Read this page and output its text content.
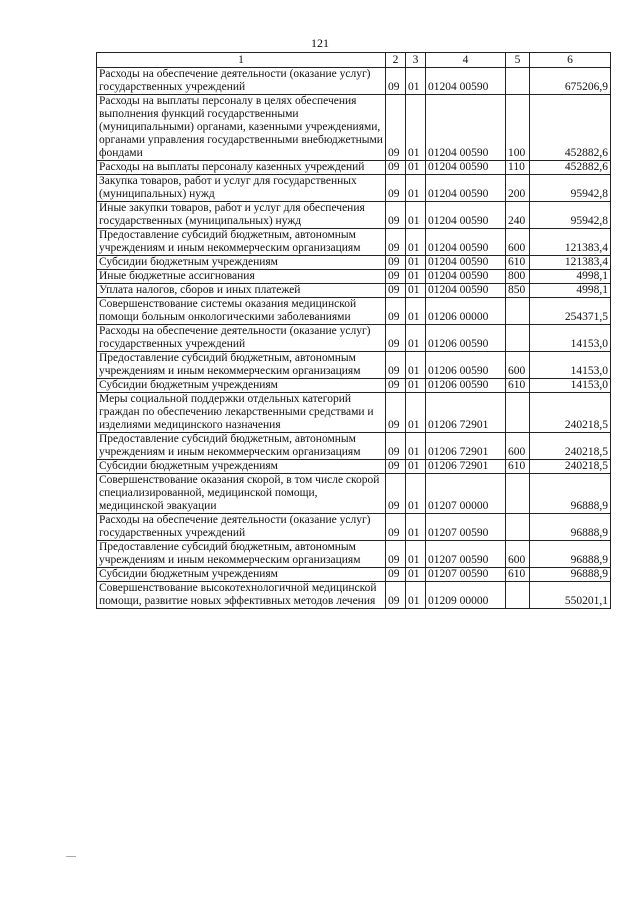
121
1	2	3	4	5	6
Расходы на обеспечение деятельности (оказание услуг) государственных учреждений	09	01	01204 00590		675206,9
Расходы на выплаты персоналу в целях обеспечения выполнения функций государственными (муниципальными) органами, казенными учреждениями, органами управления государственными внебюджетными фондами	09	01	01204 00590	100	452882,6
Расходы на выплаты персоналу казенных учреждений	09	01	01204 00590	110	452882,6
Закупка товаров, работ и услуг для государственных (муниципальных) нужд	09	01	01204 00590	200	95942,8
Иные закупки товаров, работ и услуг для обеспечения государственных (муниципальных) нужд	09	01	01204 00590	240	95942,8
Предоставление субсидий бюджетным, автономным учреждениям и иным некоммерческим организациям	09	01	01204 00590	600	121383,4
Субсидии бюджетным учреждениям	09	01	01204 00590	610	121383,4
Иные бюджетные ассигнования	09	01	01204 00590	800	4998,1
Уплата налогов, сборов и иных платежей	09	01	01204 00590	850	4998,1
Совершенствование системы оказания медицинской помощи больным онкологическими заболеваниями	09	01	01206 00000		254371,5
Расходы на обеспечение деятельности (оказание услуг) государственных учреждений	09	01	01206 00590		14153,0
Предоставление субсидий бюджетным, автономным учреждениям и иным некоммерческим организациям	09	01	01206 00590	600	14153,0
Субсидии бюджетным учреждениям	09	01	01206 00590	610	14153,0
Меры социальной поддержки отдельных категорий граждан по обеспечению лекарственными средствами и изделиями медицинского назначения	09	01	01206 72901		240218,5
Предоставление субсидий бюджетным, автономным учреждениям и иным некоммерческим организациям	09	01	01206 72901	600	240218,5
Субсидии бюджетным учреждениям	09	01	01206 72901	610	240218,5
Совершенствование оказания скорой, в том числе скорой специализированной, медицинской помощи, медицинской эвакуации	09	01	01207 00000		96888,9
Расходы на обеспечение деятельности (оказание услуг) государственных учреждений	09	01	01207 00590		96888,9
Предоставление субсидий бюджетным, автономным учреждениям и иным некоммерческим организациям	09	01	01207 00590	600	96888,9
Субсидии бюджетным учреждениям	09	01	01207 00590	610	96888,9
Совершенствование высокотехнологичной медицинской помощи, развитие новых эффективных методов лечения	09	01	01209 00000		550201,1
